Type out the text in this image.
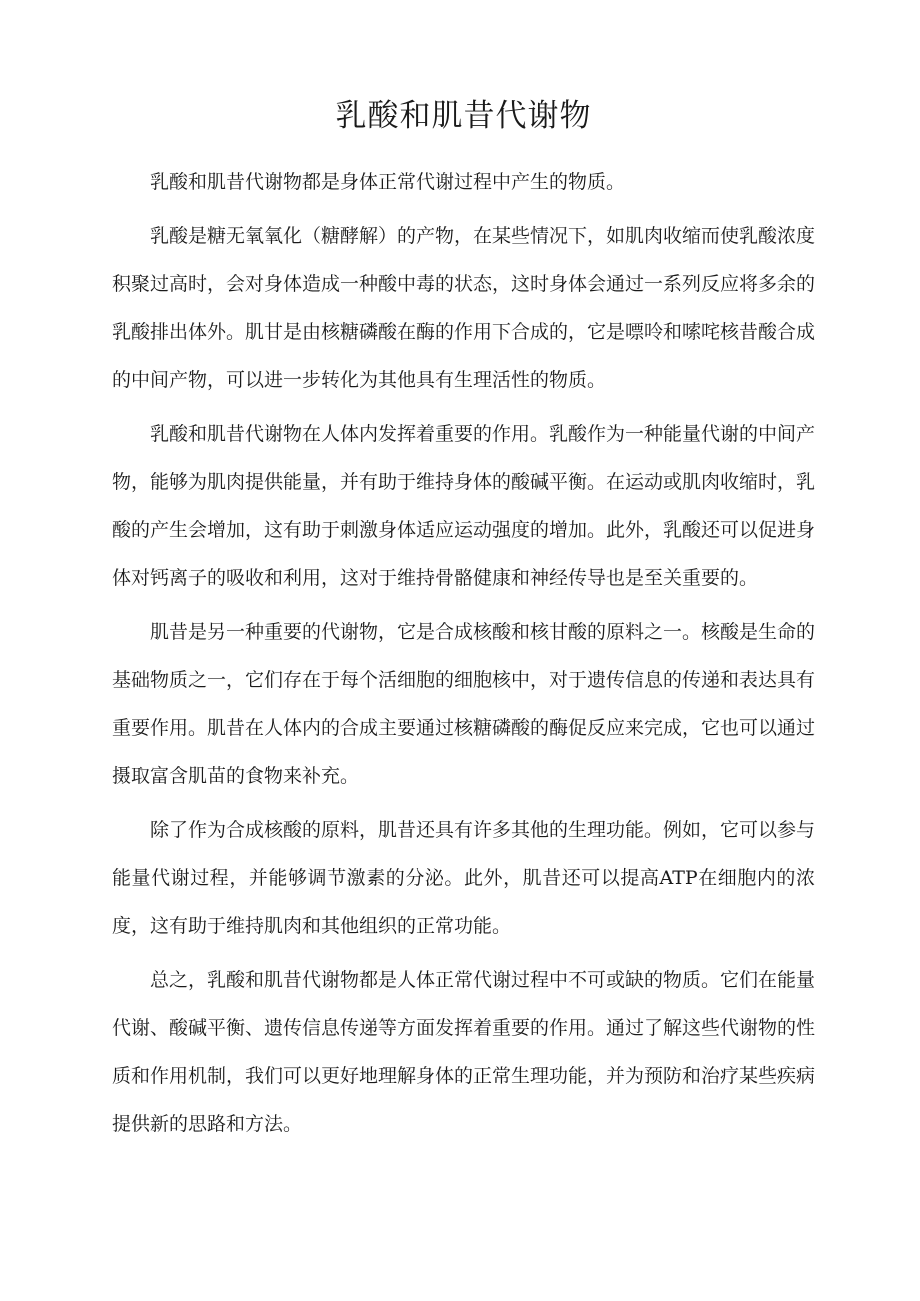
乳酸和肌昔代谢物

乳酸和肌昔代谢物都是身体正常代谢过程中产生的物质。

乳酸是糖无氧氧化（糖酵解）的产物，在某些情况下，如肌肉收缩而使乳酸浓度积聚过高时，会对身体造成一种酸中毒的状态，这时身体会通过一系列反应将多余的乳酸排出体外。肌甘是由核糖磷酸在酶的作用下合成的，它是嘌呤和嗦咤核昔酸合成的中间产物，可以进一步转化为其他具有生理活性的物质。

乳酸和肌昔代谢物在人体内发挥着重要的作用。乳酸作为一种能量代谢的中间产物，能够为肌肉提供能量，并有助于维持身体的酸碱平衡。在运动或肌肉收缩时，乳酸的产生会增加，这有助于刺激身体适应运动强度的增加。此外，乳酸还可以促进身体对钙离子的吸收和利用，这对于维持骨骼健康和神经传导也是至关重要的。

肌昔是另一种重要的代谢物，它是合成核酸和核甘酸的原料之一。核酸是生命的基础物质之一，它们存在于每个活细胞的细胞核中，对于遗传信息的传递和表达具有重要作用。肌昔在人体内的合成主要通过核糖磷酸的酶促反应来完成，它也可以通过摄取富含肌苗的食物来补充。

除了作为合成核酸的原料，肌昔还具有许多其他的生理功能。例如，它可以参与能量代谢过程，并能够调节激素的分泌。此外，肌昔还可以提高ATP在细胞内的浓度，这有助于维持肌肉和其他组织的正常功能。

总之，乳酸和肌昔代谢物都是人体正常代谢过程中不可或缺的物质。它们在能量代谢、酸碱平衡、遗传信息传递等方面发挥着重要的作用。通过了解这些代谢物的性质和作用机制，我们可以更好地理解身体的正常生理功能，并为预防和治疗某些疾病提供新的思路和方法。
